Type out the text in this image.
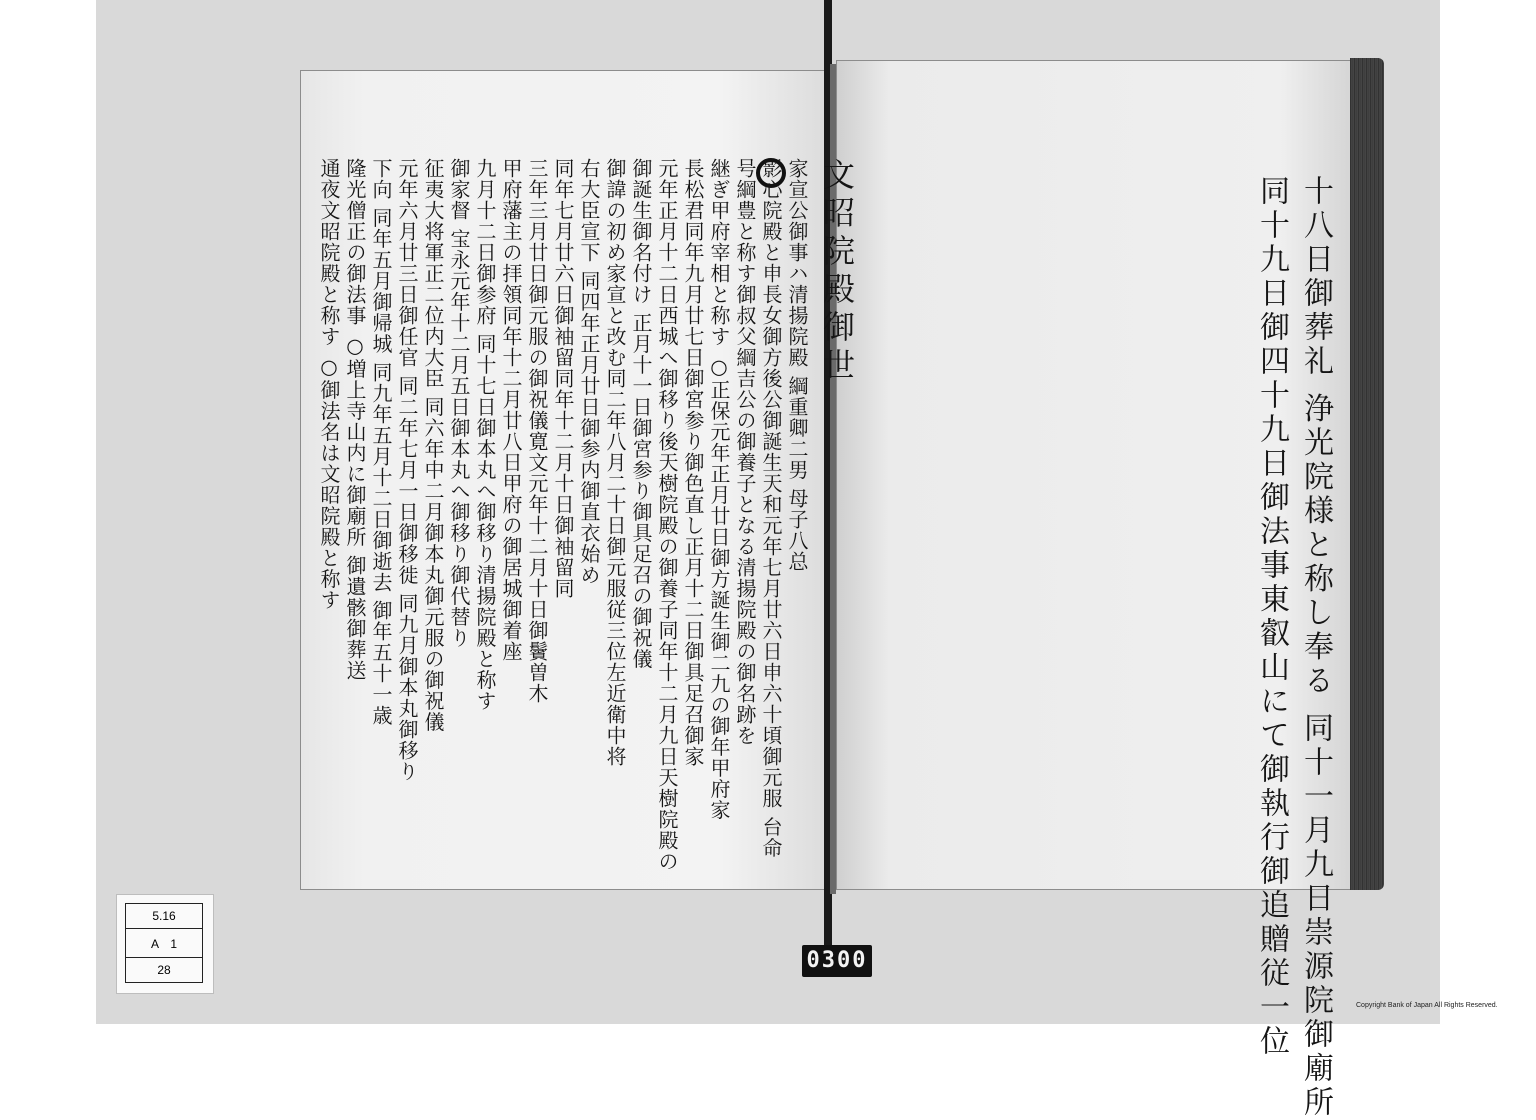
文昭院殿御世
家宣公御事ハ清揚院殿 綱重卿二男 母子八总
影心院殿と申長女御方後公御誕生天和元年七月廿六日申六十頃御元服 台命
号綱豊と称す御叔父綱吉公の御養子となる清揚院殿の御名跡を
継ぎ甲府宰相と称す ○正保元年正月廿日御方誕生御二九の御年甲府家
長松君同年九月廿七日御宮参り御色直し正月十二日御具足召御家
元年正月十二日西城へ御移り後天樹院殿の御養子同年十二月九日天樹院殿の
御誕生御名付け 正月十一日御宮参り御具足召の御祝儀
御諱の初め家宣と改む同二年八月二十日御元服従三位左近衛中将
右大臣宣下 同四年正月廿日御参内御直衣始め
同年七月廿六日御袖留同年十二月十日御袖留同
三年三月廿日御元服の御祝儀寛文元年十二月十日御鬢曽木
甲府藩主の拝領同年十二月廿八日甲府の御居城御着座
九月十二日御参府 同十七日御本丸へ御移り清揚院殿と称す
御家督 宝永元年十二月五日御本丸へ御移り御代替り
征夷大将軍正二位内大臣 同六年中二月御本丸御元服の御祝儀
元年六月廿三日御任官 同二年七月一日御移徙 同九月御本丸御移り
下向 同年五月御帰城 同九年五月十二日御逝去 御年五十一歳
隆光僧正の御法事 ○増上寺山内に御廟所 御遺骸御葬送
通夜文昭院殿と称す ○御法名は文昭院殿と称す	十八日御葬礼 浄光院様と称し奉る 同十一月九日崇源院御廟所
同十九日御四十九日御法事東叡山にて御執行御追贈従一位
5.16
A　1
28	0300
Copyright Bank of Japan All Rights Reserved.
